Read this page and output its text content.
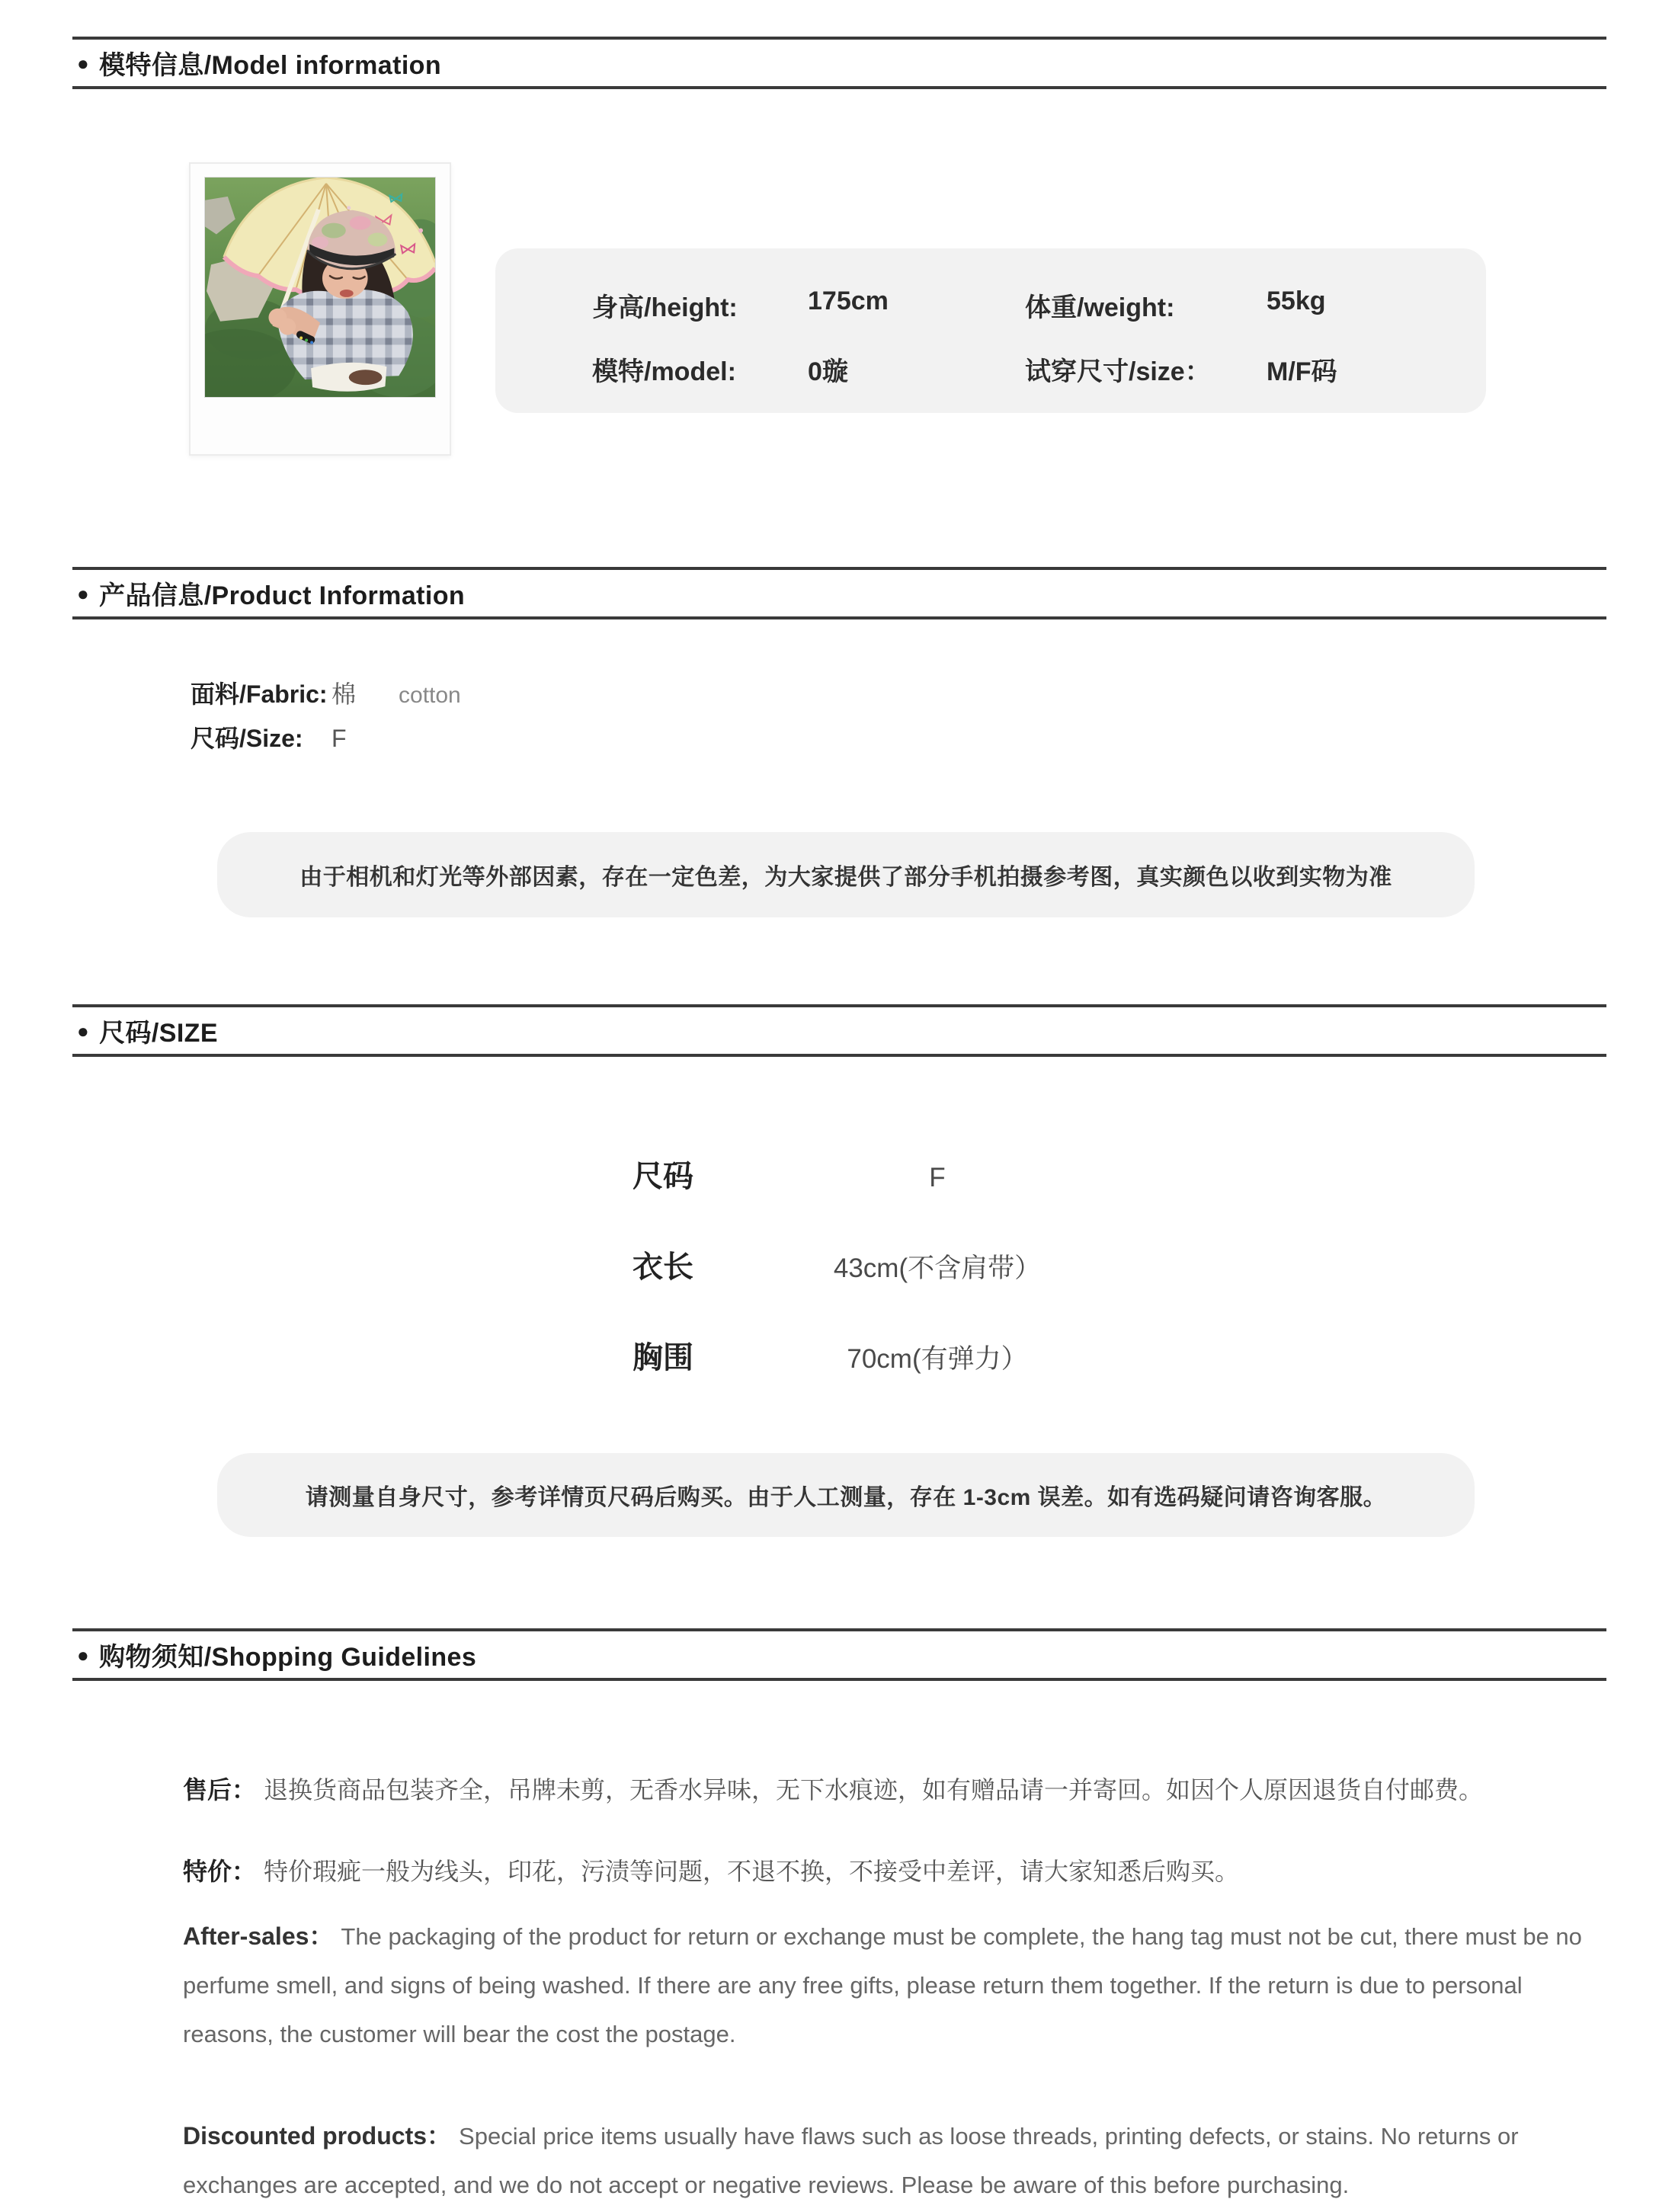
● 模特信息/Model information
身高/height:	175cm	体重/weight:	55kg
模特/model:	0璇	试穿尺寸/size：	M/F码
● 产品信息/Product Information
面料/Fabric: 棉 cotton
尺码/Size:	F
由于相机和灯光等外部因素，存在一定色差，为大家提供了部分手机拍摄参考图，真实颜色以收到实物为准
● 尺码/SIZE
尺码	F
衣长	43cm(不含肩带）
胸围	70cm(有弹力）
请测量自身尺寸，参考详情页尺码后购买。由于人工测量，存在 1-3cm 误差。如有选码疑问请咨询客服。
● 购物须知/Shopping Guidelines

售后： 退换货商品包装齐全，吊牌未剪，无香水异味，无下水痕迹，如有赠品请一并寄回。如因个人原因退货自付邮费。

特价： 特价瑕疵一般为线头，印花，污渍等问题，不退不换，不接受中差评，请大家知悉后购买。

After-sales： The packaging of the product for return or exchange must be complete, the hang tag must not be cut, there must be no perfume smell, and signs of being washed. If there are any free gifts, please return them together. If the return is due to personal reasons, the customer will bear the cost the postage.

Discounted products： Special price items usually have flaws such as loose threads, printing defects, or stains. No returns or exchanges are accepted, and we do not accept or negative reviews. Please be aware of this before purchasing.
